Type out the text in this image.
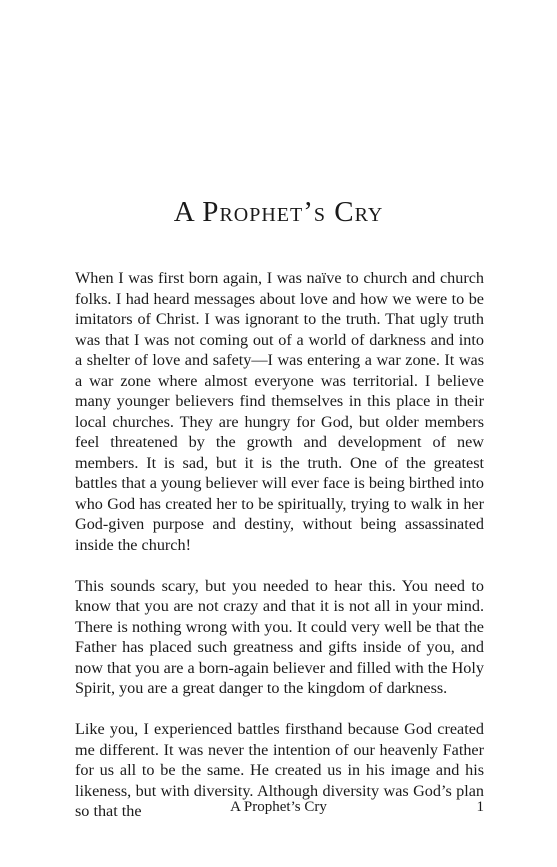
A Prophet’s Cry

When I was first born again, I was naïve to church and church folks. I had heard messages about love and how we were to be imitators of Christ. I was ignorant to the truth. That ugly truth was that I was not coming out of a world of darkness and into a shelter of love and safety—I was entering a war zone. It was a war zone where almost everyone was territorial. I believe many younger believers find themselves in this place in their local churches. They are hungry for God, but older members feel threatened by the growth and development of new members. It is sad, but it is the truth. One of the greatest battles that a young believer will ever face is being birthed into who God has created her to be spiritually, trying to walk in her God-given purpose and destiny, without being assassinated inside the church!

This sounds scary, but you needed to hear this. You need to know that you are not crazy and that it is not all in your mind. There is nothing wrong with you. It could very well be that the Father has placed such greatness and gifts inside of you, and now that you are a born-again believer and filled with the Holy Spirit, you are a great danger to the kingdom of darkness.

Like you, I experienced battles firsthand because God created me different. It was never the intention of our heavenly Father for us all to be the same. He created us in his image and his likeness, but with diversity. Although diversity was God’s plan so that the	A Prophet’s Cry	1
